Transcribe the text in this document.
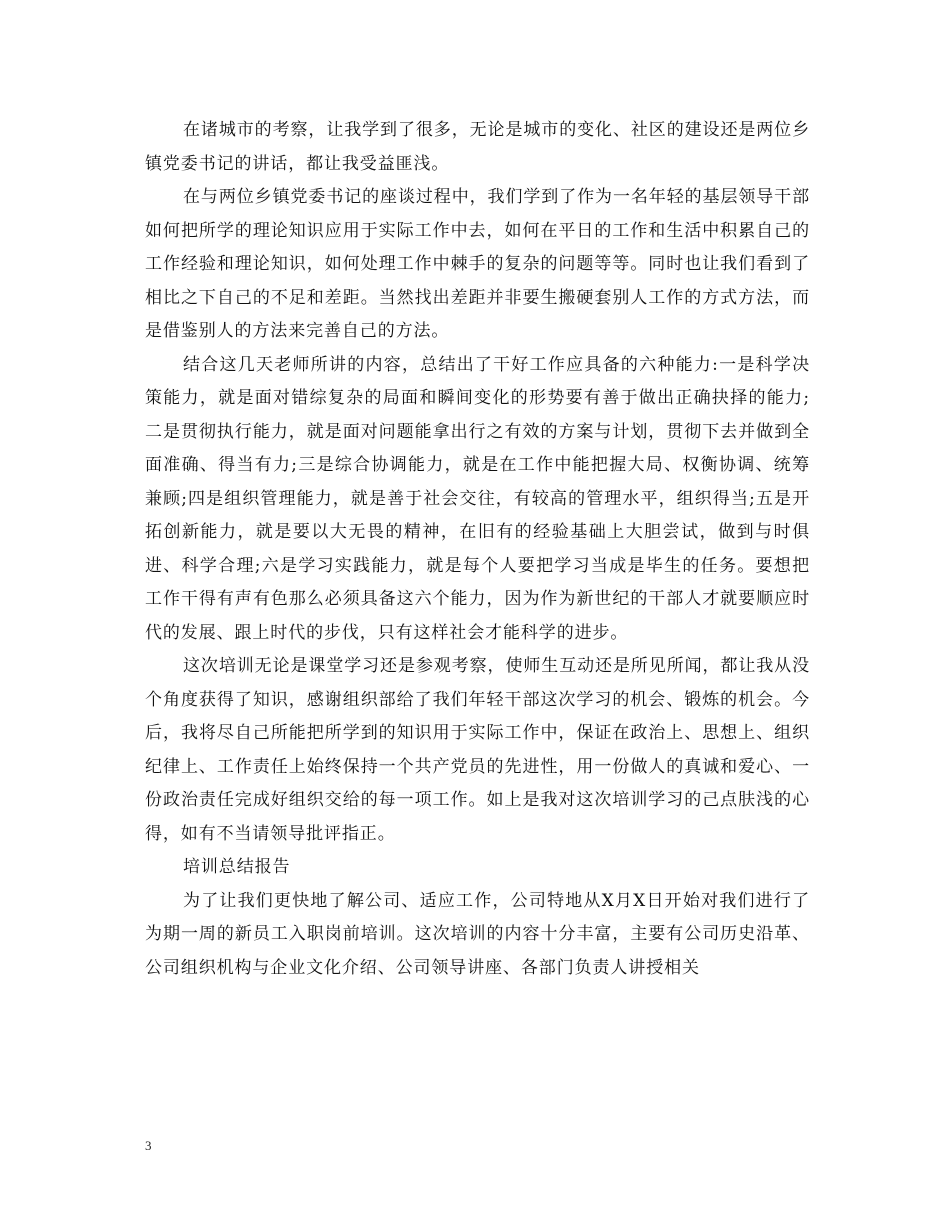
在诸城市的考察，让我学到了很多，无论是城市的变化、社区的建设还是两位乡镇党委书记的讲话，都让我受益匪浅。

在与两位乡镇党委书记的座谈过程中，我们学到了作为一名年轻的基层领导干部如何把所学的理论知识应用于实际工作中去，如何在平日的工作和生活中积累自己的工作经验和理论知识，如何处理工作中棘手的复杂的问题等等。同时也让我们看到了相比之下自己的不足和差距。当然找出差距并非要生搬硬套别人工作的方式方法，而是借鉴别人的方法来完善自己的方法。

结合这几天老师所讲的内容，总结出了干好工作应具备的六种能力:一是科学决策能力，就是面对错综复杂的局面和瞬间变化的形势要有善于做出正确抉择的能力;二是贯彻执行能力，就是面对问题能拿出行之有效的方案与计划，贯彻下去并做到全面准确、得当有力;三是综合协调能力，就是在工作中能把握大局、权衡协调、统筹兼顾;四是组织管理能力，就是善于社会交往，有较高的管理水平，组织得当;五是开拓创新能力，就是要以大无畏的精神，在旧有的经验基础上大胆尝试，做到与时俱进、科学合理;六是学习实践能力，就是每个人要把学习当成是毕生的任务。要想把工作干得有声有色那么必须具备这六个能力，因为作为新世纪的干部人才就要顺应时代的发展、跟上时代的步伐，只有这样社会才能科学的进步。

这次培训无论是课堂学习还是参观考察，使师生互动还是所见所闻，都让我从没个角度获得了知识，感谢组织部给了我们年轻干部这次学习的机会、锻炼的机会。今后，我将尽自己所能把所学到的知识用于实际工作中，保证在政治上、思想上、组织纪律上、工作责任上始终保持一个共产党员的先进性，用一份做人的真诚和爱心、一份政治责任完成好组织交给的每一项工作。如上是我对这次培训学习的己点肤浅的心得，如有不当请领导批评指正。

培训总结报告

为了让我们更快地了解公司、适应工作，公司特地从X月X日开始对我们进行了为期一周的新员工入职岗前培训。这次培训的内容十分丰富，主要有公司历史沿革、公司组织机构与企业文化介绍、公司领导讲座、各部门负责人讲授相关

3
